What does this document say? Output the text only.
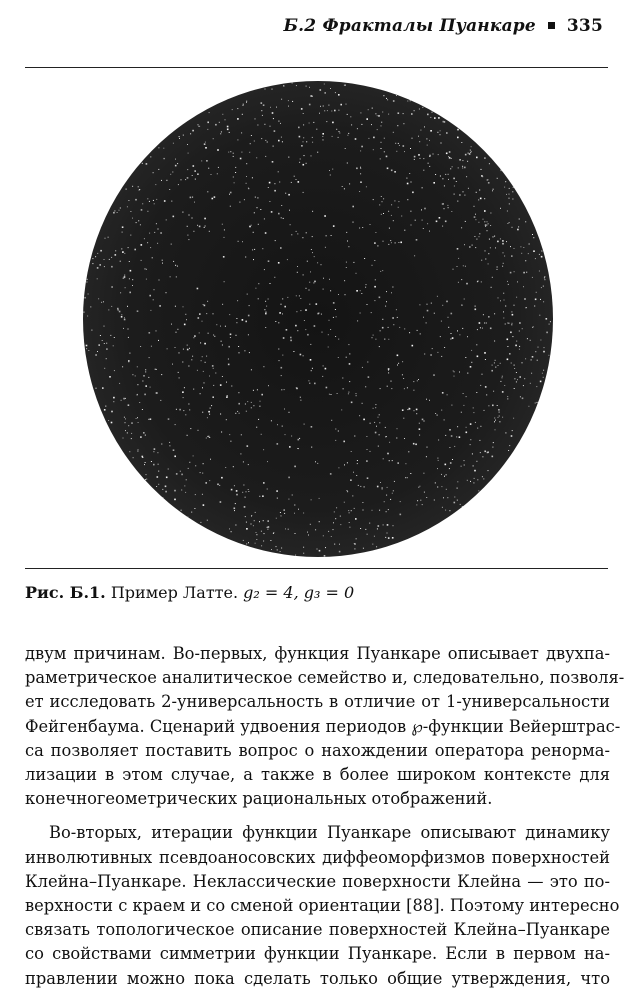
Б.2 Фракталы Пуанкаре 335
Рис. Б.1. Пример Латте. g₂ = 4, g₃ = 0
двум причинам. Во-первых, функция Пуанкаре описывает двухпа-
раметрическое аналитическое семейство и, следовательно, позволя-
ет исследовать 2-универсальность в отличие от 1-универсальности
Фейгенбаума. Сценарий удвоения периодов ℘-функции Вейерштрас-
са позволяет поставить вопрос о нахождении оператора ренорма-
лизации в этом случае, а также в более широком контексте для
конечногеометрических рациональных отображений.
Во-вторых, итерации функции Пуанкаре описывают динамику
инволютивных псевдоаносовских диффеоморфизмов поверхностей
Клейна–Пуанкаре. Неклассические поверхности Клейна — это по-
верхности с краем и со сменой ориентации [88]. Поэтому интересно
связать топологическое описание поверхностей Клейна–Пуанкаре
со свойствами симметрии функции Пуанкаре. Если в первом на-
правлении можно пока сделать только общие утверждения, что
